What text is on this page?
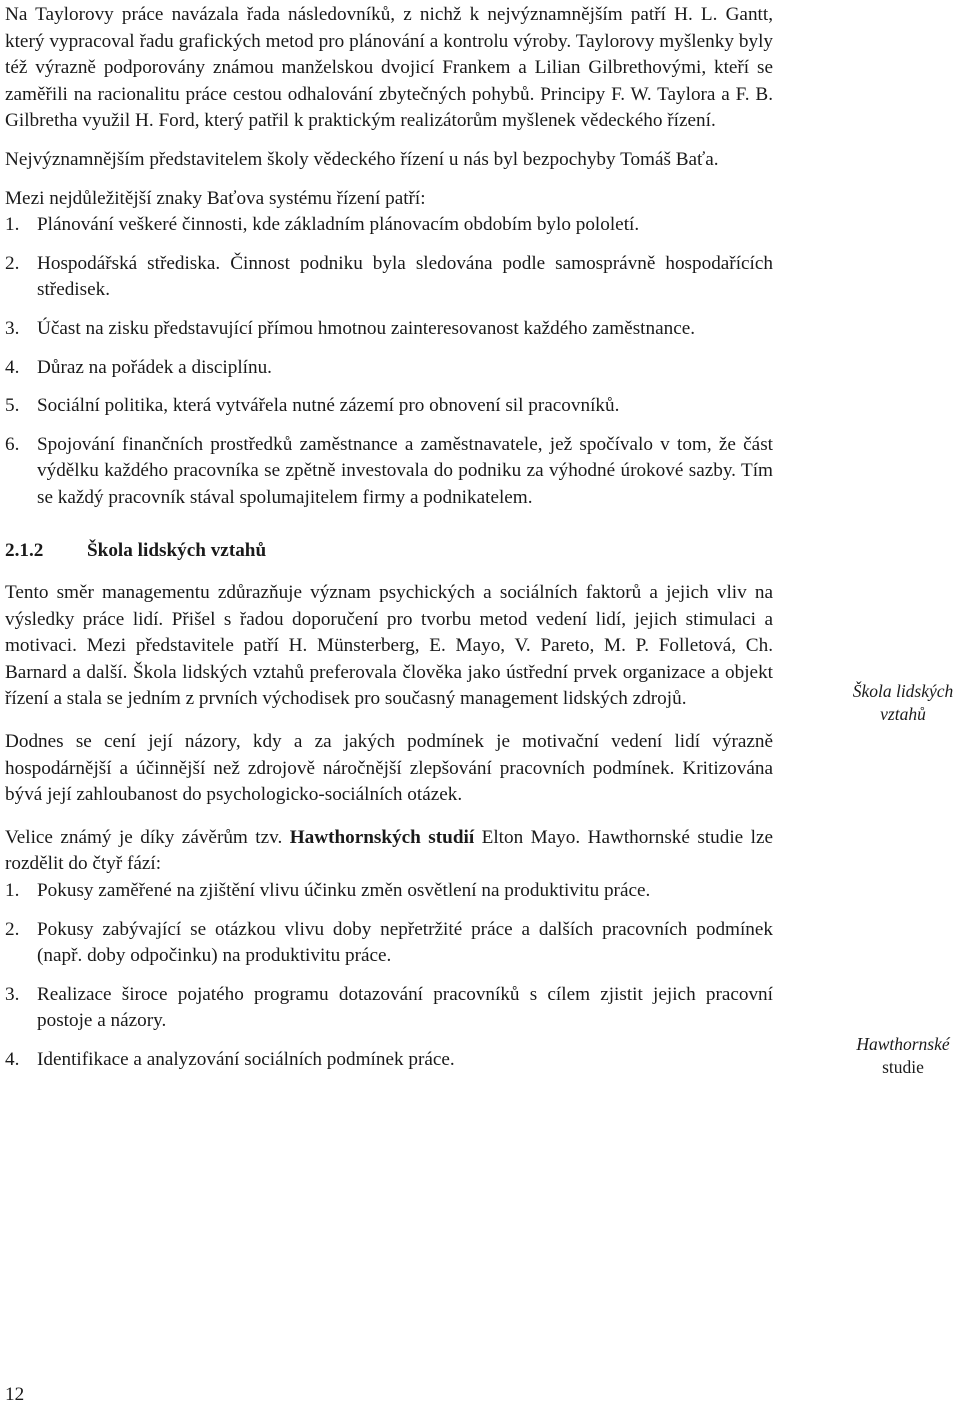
Na Taylorovy práce navázala řada následovníků, z nichž k nejvýznamnějším patří H. L. Gantt, který vypracoval řadu grafických metod pro plánování a kontrolu výroby. Taylorovy myšlenky byly též výrazně podporovány známou manželskou dvojicí Frankem a Lilian Gilbrethovými, kteří se zaměřili na racionalitu práce cestou odhalování zbytečných pohybů. Principy F. W. Taylora a F. B. Gilbretha využil H. Ford, který patřil k praktickým realizátorům myšlenek vědeckého řízení.

Nejvýznamnějším představitelem školy vědeckého řízení u nás byl bezpochyby Tomáš Baťa.

Mezi nejdůležitější znaky Baťova systému řízení patří:

1. Plánování veškeré činnosti, kde základním plánovacím obdobím bylo pololetí.
2. Hospodářská střediska. Činnost podniku byla sledována podle samosprávně hospodařících středisek.
3. Účast na zisku představující přímou hmotnou zainteresovanost každého zaměstnance.
4. Důraz na pořádek a disciplínu.
5. Sociální politika, která vytvářela nutné zázemí pro obnovení sil pracovníků.
6. Spojování finančních prostředků zaměstnance a zaměstnavatele, jež spočívalo v tom, že část výdělku každého pracovníka se zpětně investovala do podniku za výhodné úrokové sazby. Tím se každý pracovník stával spolumajitelem firmy a podnikatelem.
2.1.2	Škola lidských vztahů

Tento směr managementu zdůrazňuje význam psychických a sociálních faktorů a jejich vliv na výsledky práce lidí. Přišel s řadou doporučení pro tvorbu metod vedení lidí, jejich stimulaci a motivaci. Mezi představitele patří H. Münsterberg, E. Mayo, V. Pareto, M. P. Folletová, Ch. Barnard a další. Škola lidských vztahů preferovala člověka jako ústřední prvek organizace a objekt řízení a stala se jedním z prvních východisek pro současný management lidských zdrojů.

Dodnes se cení její názory, kdy a za jakých podmínek je motivační vedení lidí výrazně hospodárnější a účinnější než zdrojově náročnější zlepšování pracovních podmínek. Kritizována bývá její zahloubanost do psychologicko-sociálních otázek.

Velice známý je díky závěrům tzv. Hawthornských studií Elton Mayo. Hawthornské studie lze rozdělit do čtyř fází:

1. Pokusy zaměřené na zjištění vlivu účinku změn osvětlení na produktivitu práce.
2. Pokusy zabývající se otázkou vlivu doby nepřetržité práce a dalších pracovních podmínek (např. doby odpočinku) na produktivitu práce.
3. Realizace široce pojatého programu dotazování pracovníků s cílem zjistit jejich pracovní postoje a názory.
4. Identifikace a analyzování sociálních podmínek práce.
Škola lidských
vztahů
Hawthornské
studie
12
